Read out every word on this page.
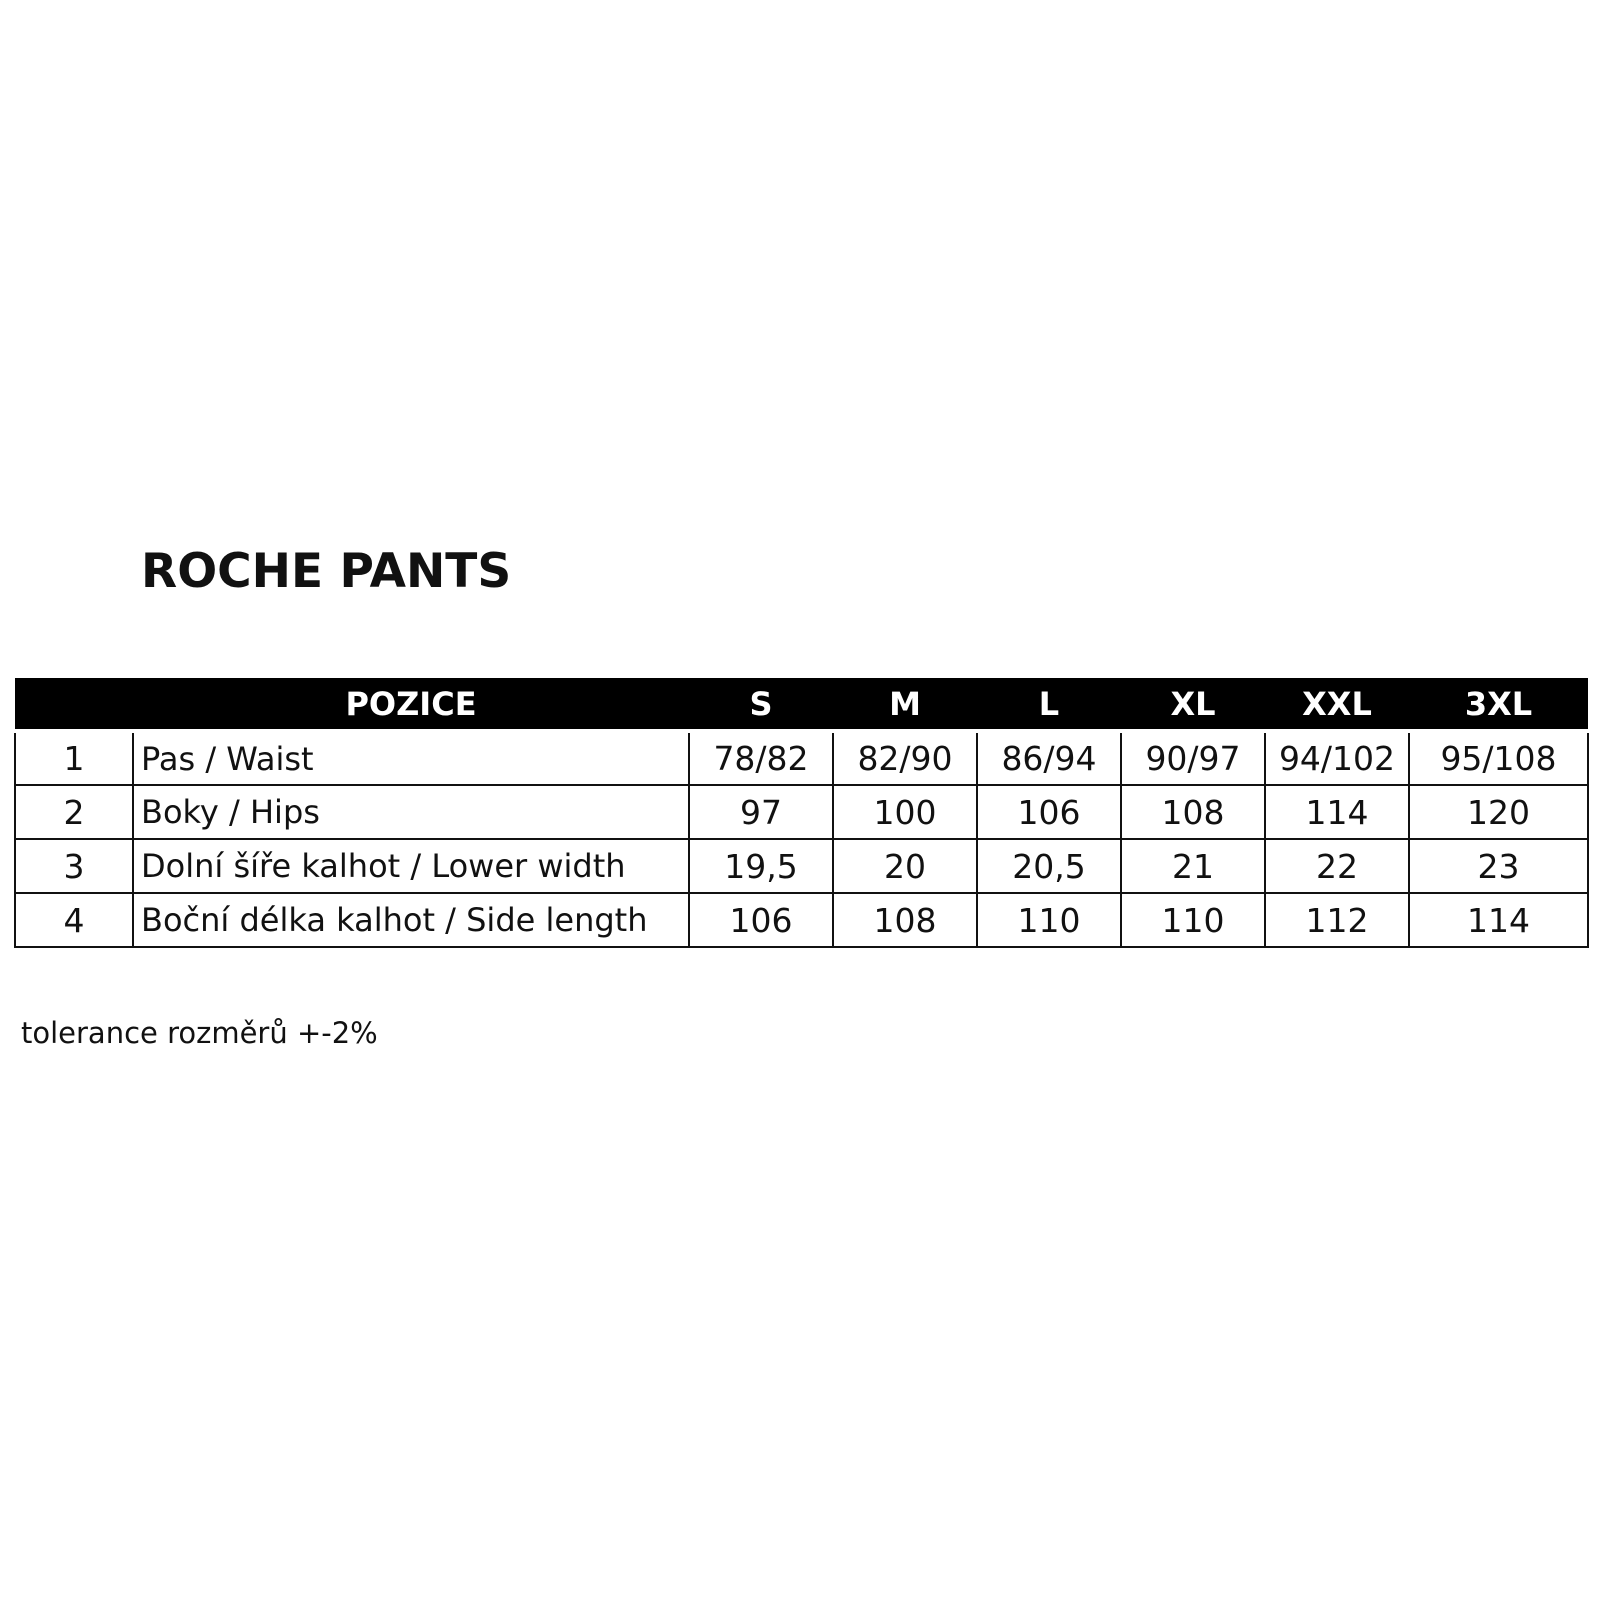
ROCHE PANTS
	POZICE	S	M	L	XL	XXL	3XL
1	Pas / Waist	78/82	82/90	86/94	90/97	94/102	95/108
2	Boky / Hips	97	100	106	108	114	120
3	Dolní šíře kalhot / Lower width	19,5	20	20,5	21	22	23
4	Boční délka kalhot / Side length	106	108	110	110	112	114

tolerance rozměrů +-2%
